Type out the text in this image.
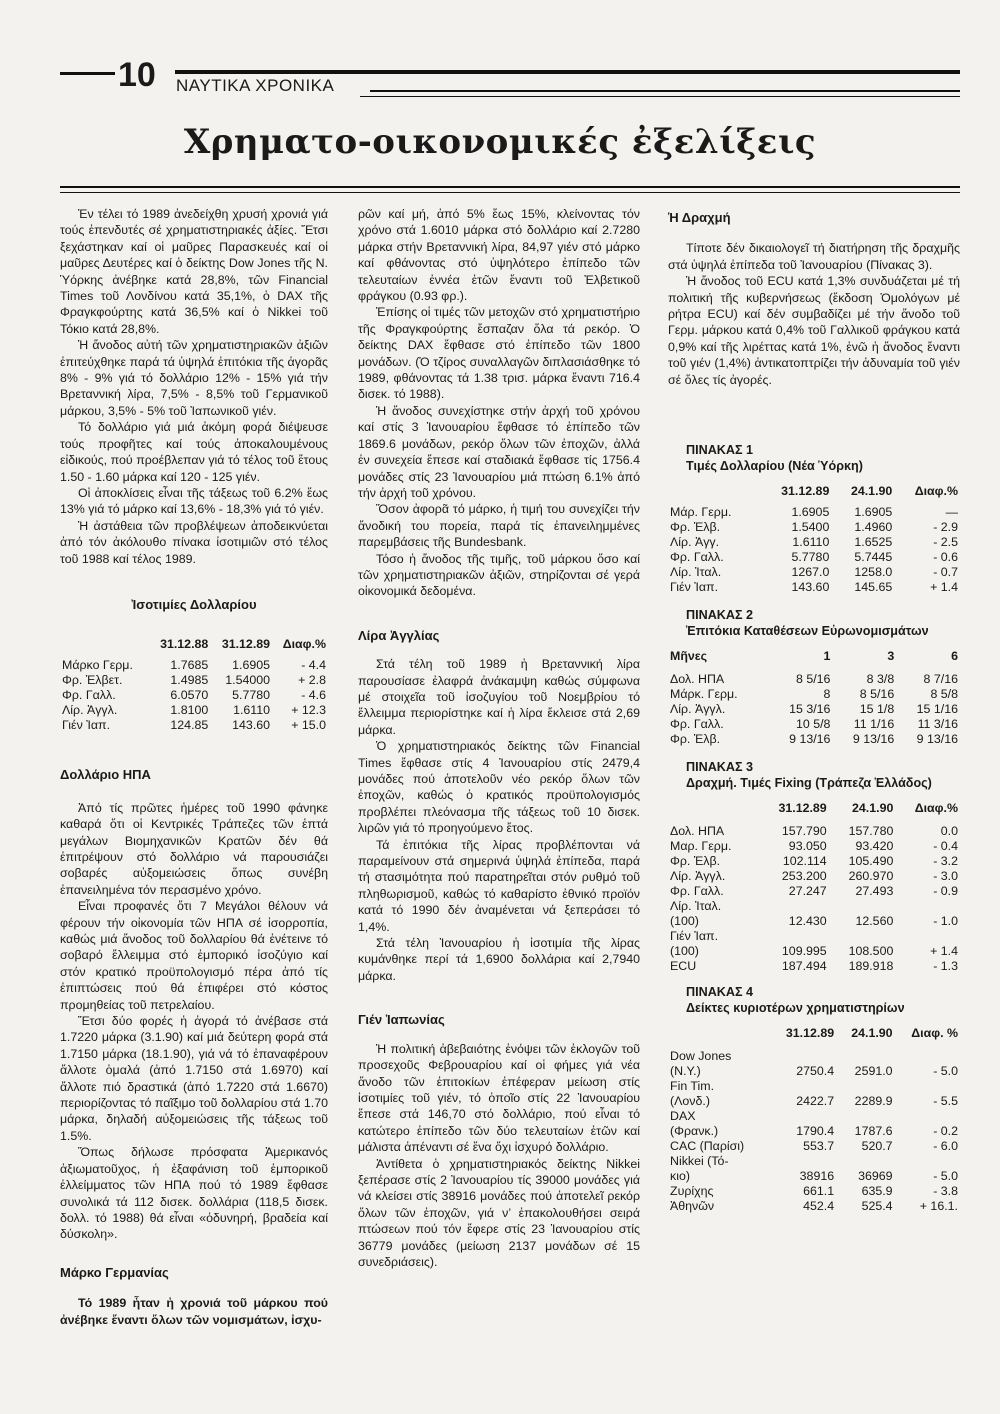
10 ΝΑΥΤΙΚΑ ΧΡΟΝΙΚΑ
Χρηματο-οικονομικές ἐξελίξεις

Ἐν τέλει τό 1989 ἀνεδείχθη χρυσή χρονιά γιά τούς ἐπενδυτές σέ χρηματιστηριακές ἀξίες. Ἔτσι ξεχάστηκαν καί οἱ μαῦρες Παρασκευές καί οἱ μαῦρες Δευτέρες καί ὁ δείκτης Dow Jones τῆς Ν. Ὑόρκης ἀνέβηκε κατά 28,8%, τῶν Financial Times τοῦ Λονδίνου κατά 35,1%, ὁ DAX τῆς Φραγκφούρτης κατά 36,5% καί ὁ Nikkei τοῦ Τόκιο κατά 28,8%.

Ἡ ἄνοδος αὐτή τῶν χρηματιστηριακῶν ἀξιῶν ἐπιτεύχθηκε παρά τά ὑψηλά ἐπιτόκια τῆς ἀγορᾶς 8% - 9% γιά τό δολλάριο 12% - 15% γιά τήν Βρεταννική λίρα, 7,5% - 8,5% τοῦ Γερμανικοῦ μάρκου, 3,5% - 5% τοῦ Ἰαπωνικοῦ γιέν.

Τό δολλάριο γιά μιά ἀκόμη φορά διέψευσε τούς προφῆτες καί τούς ἀποκαλουμένους εἰδικούς, πού προέβλεπαν γιά τό τέλος τοῦ ἔτους 1.50 - 1.60 μάρκα καί 120 - 125 γιέν.

Οἱ ἀποκλίσεις εἶναι τῆς τάξεως τοῦ 6.2% ἕως 13% γιά τό μάρκο καί 13,6% - 18,3% γιά τό γιέν.

Ἡ ἀστάθεια τῶν προβλέψεων ἀποδεικνύεται ἀπό τόν ἀκόλουθο πίνακα ἰσοτιμιῶν στό τέλος τοῦ 1988 καί τέλος 1989.

Ἰσοτιμίες Δολλαρίου
	31.12.88	31.12.89	Διαφ.%

Μάρκο Γερμ.	1.7685	1.6905	- 4.4
Φρ. Ἐλβετ.	1.4985	1.54000	+ 2.8
Φρ. Γαλλ.	6.0570	5.7780	- 4.6
Λίρ. Ἀγγλ.	1.8100	1.6110	+ 12.3
Γιέν Ἰαπ.	124.85	143.60	+ 15.0
Δολλάριο ΗΠΑ

Ἀπό τίς πρῶτες ἡμέρες τοῦ 1990 φάνηκε καθαρά ὅτι οἱ Κεντρικές Τράπεζες τῶν ἑπτά μεγάλων Βιομηχανικῶν Κρατῶν δέν θά ἐπιτρέψουν στό δολλάριο νά παρουσιάζει σοβαρές αὐξομειώσεις ὅπως συνέβη ἐπανειλημένα τόν περασμένο χρόνο.

Εἶναι προφανές ὅτι 7 Μεγάλοι θέλουν νά φέρουν τήν οἰκονομία τῶν ΗΠΑ σέ ἰσορροπία, καθώς μιά ἄνοδος τοῦ δολλαρίου θά ἐνέτεινε τό σοβαρό ἔλλειμμα στό ἐμπορικό ἰσοζύγιο καί στόν κρατικό προϋπολογισμό πέρα ἀπό τίς ἐπιπτώσεις πού θά ἐπιφέρει στό κόστος προμηθείας τοῦ πετρελαίου.

Ἔτσι δύο φορές ἡ ἀγορά τό ἀνέβασε στά 1.7220 μάρκα (3.1.90) καί μιά δεύτερη φορά στά 1.7150 μάρκα (18.1.90), γιά νά τό ἐπαναφέρουν ἄλλοτε ὁμαλά (ἀπό 1.7150 στά 1.6970) καί ἄλλοτε πιό δραστικά (ἀπό 1.7220 στά 1.6670) περιορίζοντας τό παῖξιμο τοῦ δολλαρίου στά 1.70 μάρκα, δηλαδή αὐξομειώσεις τῆς τάξεως τοῦ 1.5%.

Ὅπως δήλωσε πρόσφατα Ἀμερικανός ἀξιωματοῦχος, ἡ ἐξαφάνιση τοῦ ἐμπορικοῦ ἐλλείμματος τῶν ΗΠΑ πού τό 1989 ἔφθασε συνολικά τά 112 δισεκ. δολλάρια (118,5 δισεκ. δολλ. τό 1988) θά εἶναι «ὀδυνηρή, βραδεία καί δύσκολη».

Μάρκο Γερμανίας

Τό 1989 ἦταν ἡ χρονιά τοῦ μάρκου πού ἀνέβηκε ἔναντι ὅλων τῶν νομισμάτων, ἰσχυ-

ρῶν καί μή, ἀπό 5% ἕως 15%, κλείνοντας τόν χρόνο στά 1.6010 μάρκα στό δολλάριο καί 2.7280 μάρκα στήν Βρεταννική λίρα, 84,97 γιέν στό μάρκο καί φθάνοντας στό ὑψηλότερο ἐπίπεδο τῶν τελευταίων ἐννέα ἐτῶν ἔναντι τοῦ Ἐλβετικοῦ φράγκου (0.93 φρ.).

Ἐπίσης οἱ τιμές τῶν μετοχῶν στό χρηματιστήριο τῆς Φραγκφούρτης ἔσπαζαν ὅλα τά ρεκόρ. Ὁ δείκτης DAX ἔφθασε στό ἐπίπεδο τῶν 1800 μονάδων. (Ὁ τζίρος συναλλαγῶν διπλασιάσθηκε τό 1989, φθάνοντας τά 1.38 τρισ. μάρκα ἔναντι 716.4 δισεκ. τό 1988).

Ἡ ἄνοδος συνεχίστηκε στήν ἀρχή τοῦ χρόνου καί στίς 3 Ἰανουαρίου ἔφθασε τό ἐπίπεδο τῶν 1869.6 μονάδων, ρεκόρ ὅλων τῶν ἐποχῶν, ἀλλά ἐν συνεχεία ἔπεσε καί σταδιακά ἔφθασε τίς 1756.4 μονάδες στίς 23 Ἰανουαρίου μιά πτώση 6.1% ἀπό τήν ἀρχή τοῦ χρόνου.

Ὅσον ἀφορᾶ τό μάρκο, ἡ τιμή του συνεχίζει τήν ἄνοδική του πορεία, παρά τίς ἐπανειλημμένες παρεμβάσεις τῆς Bundesbank.

Τόσο ἡ ἄνοδος τῆς τιμῆς, τοῦ μάρκου ὅσο καί τῶν χρηματιστηριακῶν ἀξιῶν, στηρίζονται σέ γερά οἰκονομικά δεδομένα.

Λίρα Ἀγγλίας

Στά τέλη τοῦ 1989 ἡ Βρεταννική λίρα παρουσίασε ἐλαφρά ἀνάκαμψη καθώς σύμφωνα μέ στοιχεῖα τοῦ ἰσοζυγίου τοῦ Νοεμβρίου τό ἔλλειμμα περιορίστηκε καί ἡ λίρα ἔκλεισε στά 2,69 μάρκα.

Ὁ χρηματιστηριακός δείκτης τῶν Financial Times ἔφθασε στίς 4 Ἰανουαρίου στίς 2479,4 μονάδες πού ἀποτελοῦν νέο ρεκόρ ὅλων τῶν ἐποχῶν, καθώς ὁ κρατικός προϋπολογισμός προβλέπει πλεόνασμα τῆς τάξεως τοῦ 10 δισεκ. λιρῶν γιά τό προηγούμενο ἔτος.

Τά ἐπιτόκια τῆς λίρας προβλέπονται νά παραμείνουν στά σημερινά ὑψηλά ἐπίπεδα, παρά τή στασιμότητα πού παρατηρεῖται στόν ρυθμό τοῦ πληθωρισμοῦ, καθώς τό καθαρίστο ἐθνικό προϊόν κατά τό 1990 δέν ἀναμένεται νά ξεπεράσει τό 1,4%.

Στά τέλη Ἰανουαρίου ἡ ἰσοτιμία τῆς λίρας κυμάνθηκε περί τά 1,6900 δολλάρια καί 2,7940 μάρκα.

Γιέν Ἰαπωνίας

Ἡ πολιτική ἀβεβαιότης ἐνόψει τῶν ἐκλογῶν τοῦ προσεχοῦς Φεβρουαρίου καί οἱ φήμες γιά νέα ἄνοδο τῶν ἐπιτοκίων ἐπέφεραν μείωση στίς ἰσοτιμίες τοῦ γιέν, τό ὁποῖο στίς 22 Ἰανουαρίου ἔπεσε στά 146,70 στό δολλάριο, πού εἶναι τό κατώτερο ἐπίπεδο τῶν δύο τελευταίων ἐτῶν καί μάλιστα ἀπέναντι σέ ἕνα ὄχι ἰσχυρό δολλάριο.

Ἀντίθετα ὁ χρηματιστηριακός δείκτης Nikkei ξεπέρασε στίς 2 Ἰανουαρίου τίς 39000 μονάδες γιά νά κλείσει στίς 38916 μονάδες πού ἀποτελεῖ ρεκόρ ὅλων τῶν ἐποχῶν, γιά ν’ ἐπακολουθήσει σειρά πτώσεων πού τόν ἔφερε στίς 23 Ἰανουαρίου στίς 36779 μονάδες (μείωση 2137 μονάδων σέ 15 συνεδριάσεις).

Ἡ Δραχμή

Τίποτε δέν δικαιολογεῖ τή διατήρηση τῆς δραχμῆς στά ὑψηλά ἐπίπεδα τοῦ Ἰανουαρίου (Πίνακας 3).

Ἡ ἄνοδος τοῦ ECU κατά 1,3% συνδυάζεται μέ τή πολιτική τῆς κυβερνήσεως (ἔκδοση Ὁμολόγων μέ ρήτρα ECU) καί δέν συμβαδίζει μέ τήν ἄνοδο τοῦ Γερμ. μάρκου κατά 0,4% τοῦ Γαλλικοῦ φράγκου κατά 0,9% καί τῆς λιρέττας κατά 1%, ἐνῶ ἡ ἄνοδος ἔναντι τοῦ γιέν (1,4%) ἀντικατοπτρίζει τήν ἀδυναμία τοῦ γιέν σέ ὅλες τίς ἀγορές.

ΠΙΝΑΚΑΣ 1

Τιμές Δολλαρίου (Νέα Ὑόρκη)

	31.12.89	24.1.90	Διαφ.%

Μάρ. Γερμ.	1.6905	1.6905	—
Φρ. Ἐλβ.	1.5400	1.4960	- 2.9
Λίρ. Ἀγγ.	1.6110	1.6525	- 2.5
Φρ. Γαλλ.	5.7780	5.7445	- 0.6
Λίρ. Ἰταλ.	1267.0	1258.0	- 0.7
Γιέν Ἰαπ.	143.60	145.65	+ 1.4

ΠΙΝΑΚΑΣ 2

Ἐπιτόκια Καταθέσεων Εὐρωνομισμάτων

Μῆνες	1	3	6

Δολ. ΗΠΑ	8 5/16	8 3/8	8 7/16
Μάρκ. Γερμ.	8	8 5/16	8 5/8
Λίρ. Ἀγγλ.	15 3/16	15 1/8	15 1/16
Φρ. Γαλλ.	10 5/8	11 1/16	11 3/16
Φρ. Ἐλβ.	9 13/16	9 13/16	9 13/16

ΠΙΝΑΚΑΣ 3

Δραχμή. Τιμές Fixing (Τράπεζα Ἑλλάδος)

	31.12.89	24.1.90	Διαφ.%

Δολ. ΗΠΑ	157.790	157.780	0.0
Μαρ. Γερμ.	93.050	93.420	- 0.4
Φρ. Ἐλβ.	102.114	105.490	- 3.2
Λίρ. Ἀγγλ.	253.200	260.970	- 3.0
Φρ. Γαλλ.	27.247	27.493	- 0.9
Λίρ. Ἰταλ.			
(100)	12.430	12.560	- 1.0
Γιέν Ἰαπ.			
(100)	109.995	108.500	+ 1.4
ECU	187.494	189.918	- 1.3

ΠΙΝΑΚΑΣ 4

Δείκτες κυριοτέρων χρηματιστηρίων

	31.12.89	24.1.90	Διαφ. %

Dow Jones			
(N.Y.)	2750.4	2591.0	- 5.0
Fin Tim.			
(Λονδ.)	2422.7	2289.9	- 5.5
DAX			
(Φρανκ.)	1790.4	1787.6	- 0.2
CAC (Παρίσι)	553.7	520.7	- 6.0
Nikkei (Τό-			
κιο)	38916	36969	- 5.0
Ζυρίχης	661.1	635.9	- 3.8
Ἀθηνῶν	452.4	525.4	+ 16.1.
